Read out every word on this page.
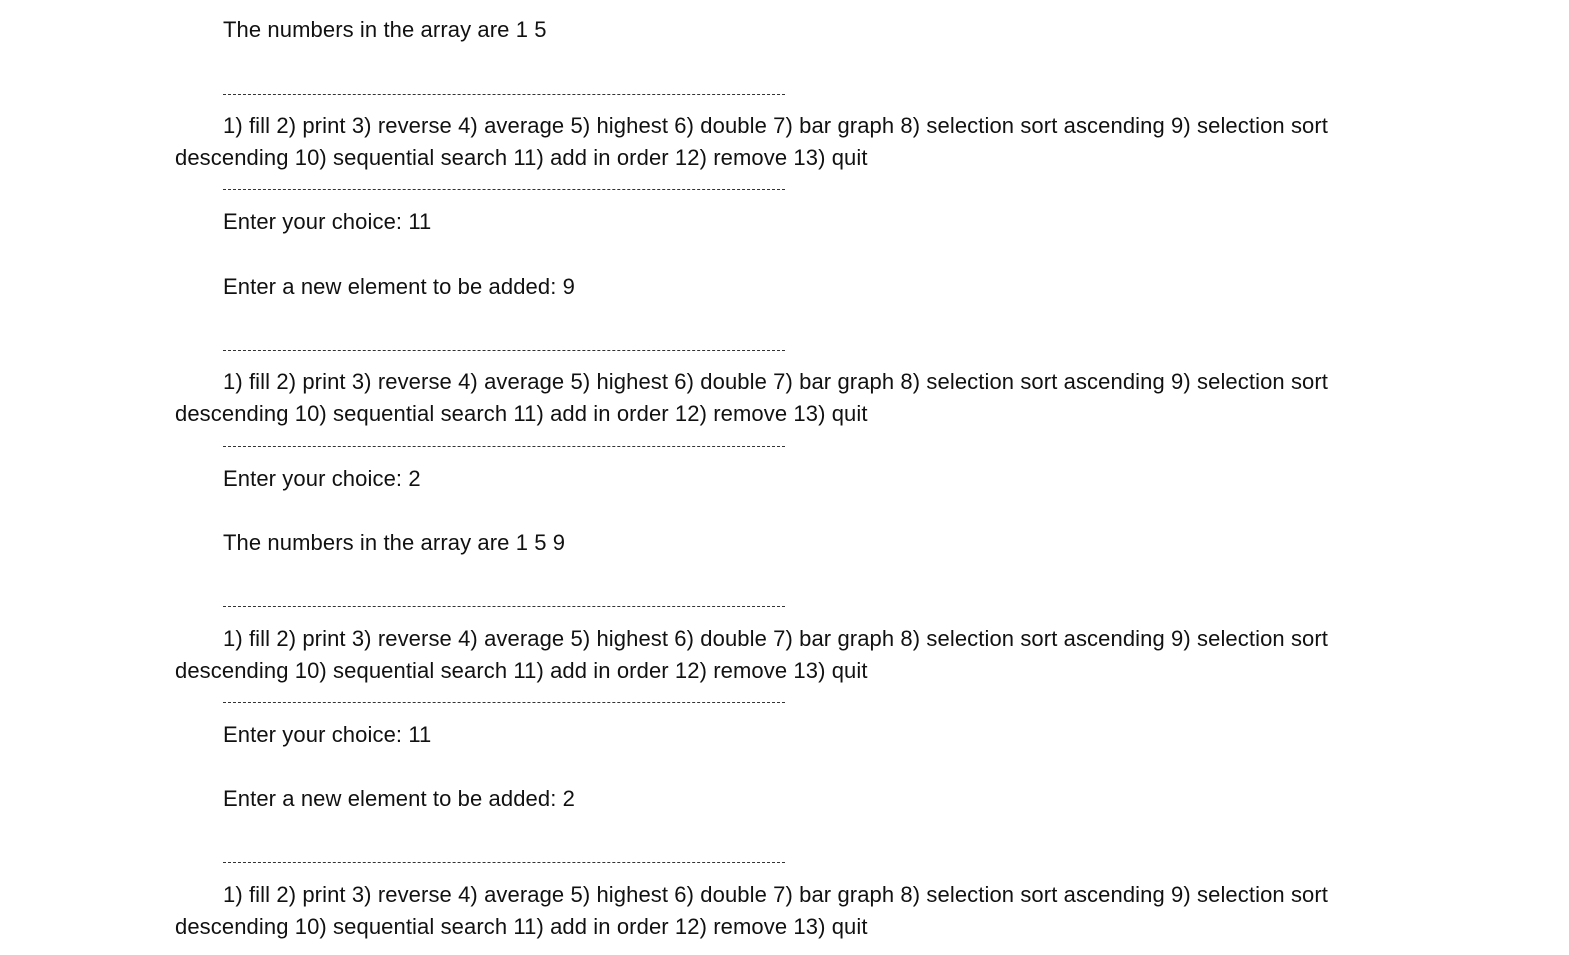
The numbers in the array are 1 5
1) fill 2) print 3) reverse 4) average 5) highest 6) double 7) bar graph 8) selection sort ascending 9) selection sort descending 10) sequential search 11) add in order 12) remove 13) quit
Enter your choice: 11
Enter a new element to be added: 9
1) fill 2) print 3) reverse 4) average 5) highest 6) double 7) bar graph 8) selection sort ascending 9) selection sort descending 10) sequential search 11) add in order 12) remove 13) quit
Enter your choice: 2
The numbers in the array are 1 5 9
1) fill 2) print 3) reverse 4) average 5) highest 6) double 7) bar graph 8) selection sort ascending 9) selection sort descending 10) sequential search 11) add in order 12) remove 13) quit
Enter your choice: 11
Enter a new element to be added: 2
1) fill 2) print 3) reverse 4) average 5) highest 6) double 7) bar graph 8) selection sort ascending 9) selection sort descending 10) sequential search 11) add in order 12) remove 13) quit
